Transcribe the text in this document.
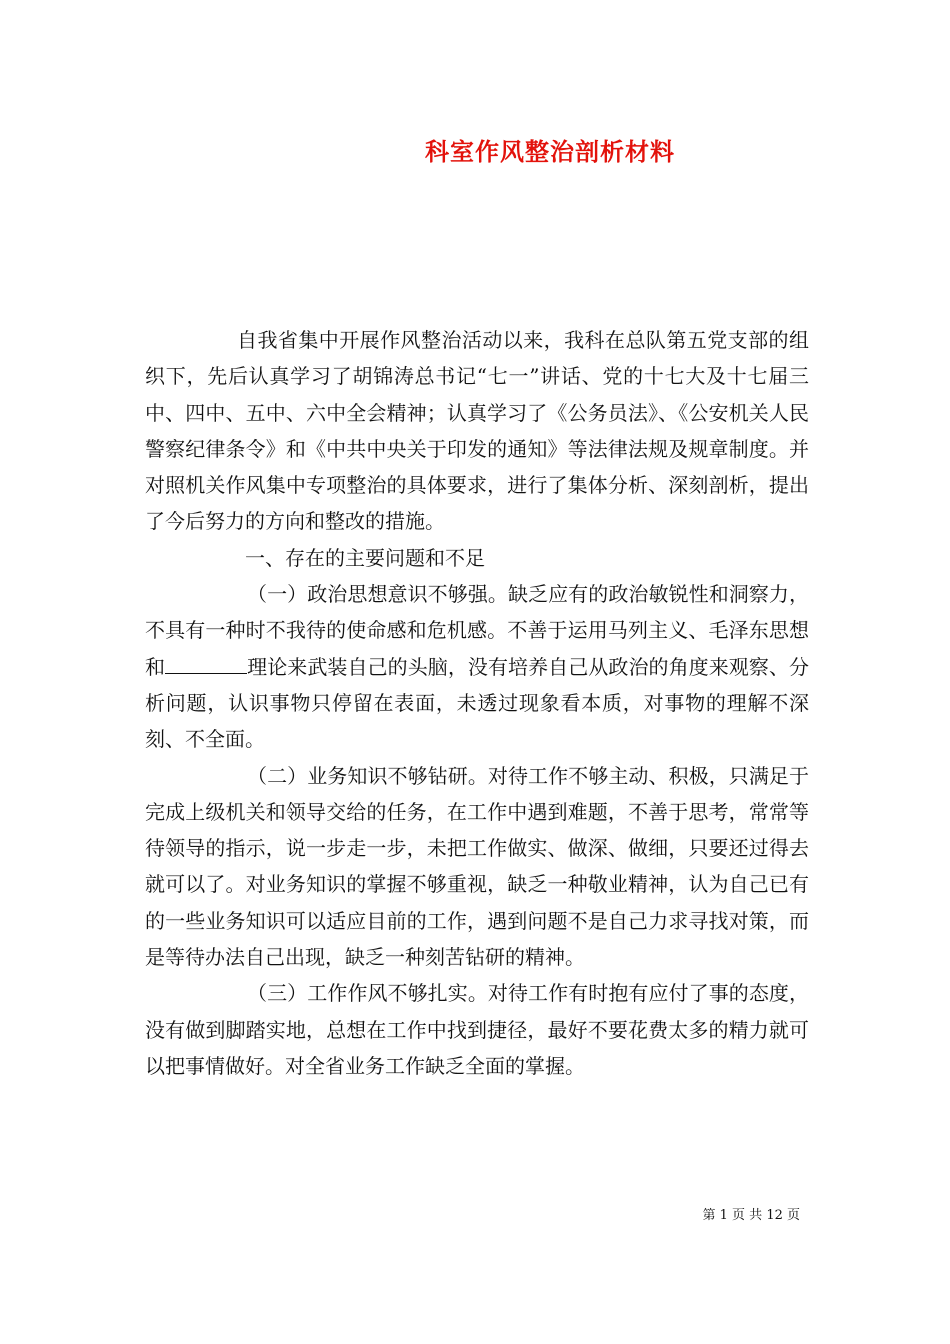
科室作风整治剖析材料

自我省集中开展作风整治活动以来，我科在总队第五党支部的组织下，先后认真学习了胡锦涛总书记“七一”讲话、党的十七大及十七届三中、四中、五中、六中全会精神；认真学习了《公务员法》、《公安机关人民警察纪律条令》和《中共中央关于印发的通知》等法律法规及规章制度。并对照机关作风集中专项整治的具体要求，进行了集体分析、深刻剖析，提出了今后努力的方向和整改的措施。

一、存在的主要问题和不足

（一）政治思想意识不够强。缺乏应有的政治敏锐性和洞察力，不具有一种时不我待的使命感和危机感。不善于运用马列主义、毛泽东思想和	理论来武装自己的头脑，没有培养自己从政治的角度来观察、分析问题，认识事物只停留在表面，未透过现象看本质，对事物的理解不深刻、不全面。

（二）业务知识不够钻研。对待工作不够主动、积极，只满足于完成上级机关和领导交给的任务，在工作中遇到难题，不善于思考，常常等待领导的指示，说一步走一步，未把工作做实、做深、做细，只要还过得去就可以了。对业务知识的掌握不够重视，缺乏一种敬业精神，认为自己已有的一些业务知识可以适应目前的工作，遇到问题不是自己力求寻找对策，而是等待办法自己出现，缺乏一种刻苦钻研的精神。

（三）工作作风不够扎实。对待工作有时抱有应付了事的态度，没有做到脚踏实地，总想在工作中找到捷径，最好不要花费太多的精力就可以把事情做好。对全省业务工作缺乏全面的掌握。

第 1 页 共 12 页
